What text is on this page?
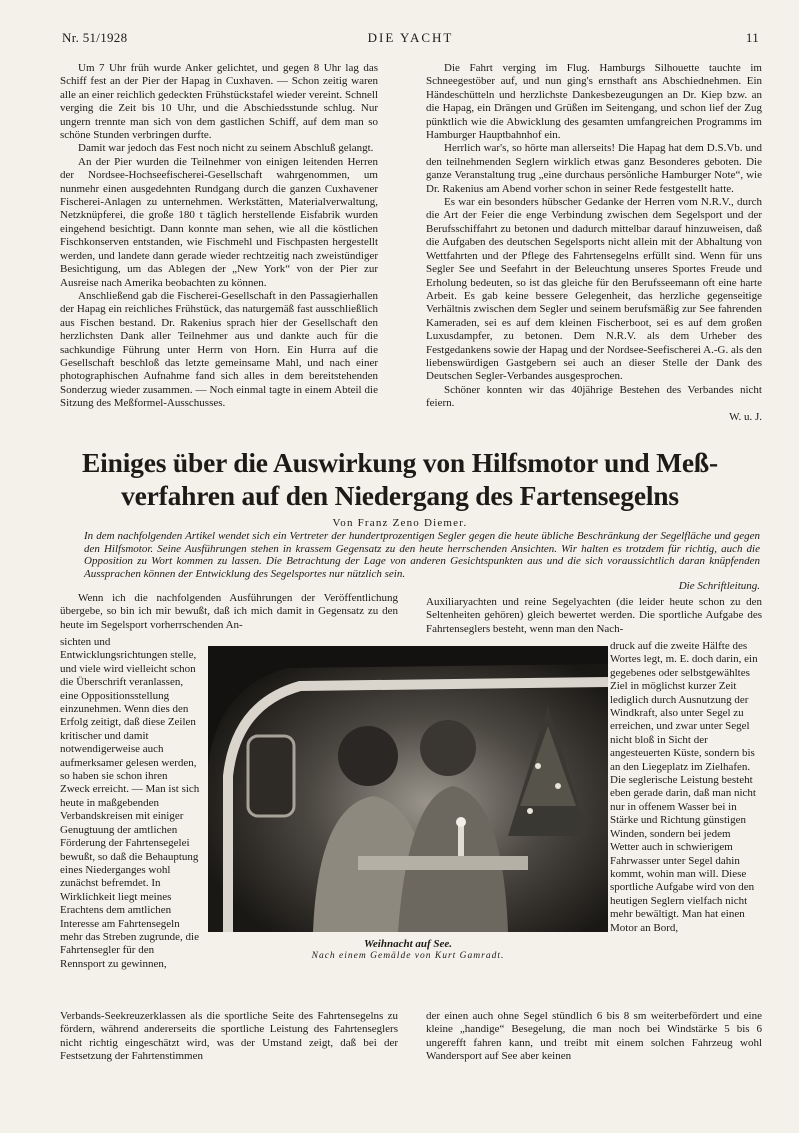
Nr. 51/1928	DIE YACHT	11

Um 7 Uhr früh wurde Anker gelichtet, und gegen 8 Uhr lag das Schiff fest an der Pier der Hapag in Cuxhaven. — Schon zeitig waren alle an einer reichlich gedeckten Frühstückstafel wieder vereint. Schnell verging die Zeit bis 10 Uhr, und die Abschiedsstunde schlug. Nur ungern trennte man sich von dem gastlichen Schiff, auf dem man so schöne Stunden verbringen durfte.

Damit war jedoch das Fest noch nicht zu seinem Abschluß gelangt.

An der Pier wurden die Teilnehmer von einigen leitenden Herren der Nordsee-Hochseefischerei-Gesellschaft wahrgenommen, um nunmehr einen ausgedehnten Rundgang durch die ganzen Cuxhavener Fischerei-Anlagen zu unternehmen. Werkstätten, Materialverwaltung, Netzknüpferei, die große 180 t täglich herstellende Eisfabrik wurden eingehend besichtigt. Dann konnte man sehen, wie all die köstlichen Fischkonserven entstanden, wie Fischmehl und Fischpasten hergestellt werden, und landete dann gerade wieder rechtzeitig nach zweistündiger Besichtigung, um das Ablegen der „New York“ von der Pier zur Ausreise nach Amerika beobachten zu können.

Anschließend gab die Fischerei-Gesellschaft in den Passagierhallen der Hapag ein reichliches Frühstück, das naturgemäß fast ausschließlich aus Fischen bestand. Dr. Rakenius sprach hier der Gesellschaft den herzlichsten Dank aller Teilnehmer aus und dankte auch für die sachkundige Führung unter Herrn von Horn. Ein Hurra auf die Gesellschaft beschloß das letzte gemeinsame Mahl, und nach einer photographischen Aufnahme fand sich alles in dem bereitstehenden Sonderzug wieder zusammen. — Noch einmal tagte in einem Abteil die Sitzung des Meßformel-Ausschusses.

Die Fahrt verging im Flug. Hamburgs Silhouette tauchte im Schneegestöber auf, und nun ging's ernsthaft ans Abschiednehmen. Ein Händeschütteln und herzlichste Dankesbezeugungen an Dr. Kiep bzw. an die Hapag, ein Drängen und Grüßen im Seitengang, und schon lief der Zug pünktlich wie die Abwicklung des gesamten umfangreichen Programms im Hamburger Hauptbahnhof ein.

Herrlich war's, so hörte man allerseits! Die Hapag hat dem D.S.Vb. und den teilnehmenden Seglern wirklich etwas ganz Besonderes geboten. Die ganze Veranstaltung trug „eine durchaus persönliche Hamburger Note“, wie Dr. Rakenius am Abend vorher schon in seiner Rede festgestellt hatte.

Es war ein besonders hübscher Gedanke der Herren vom N.R.V., durch die Art der Feier die enge Verbindung zwischen dem Segelsport und der Berufsschiffahrt zu betonen und dadurch mittelbar darauf hinzuweisen, daß die Aufgaben des deutschen Segelsports nicht allein mit der Abhaltung von Wettfahrten und der Pflege des Fahrtensegelns erfüllt sind. Wenn für uns Segler See und Seefahrt in der Beleuchtung unseres Sportes Freude und Erholung bedeuten, so ist das gleiche für den Berufsseemann oft eine harte Arbeit. Es gab keine bessere Gelegenheit, das herzliche gegenseitige Verhältnis zwischen dem Segler und seinem berufsmäßig zur See fahrenden Kameraden, sei es auf dem kleinen Fischerboot, sei es auf dem großen Luxusdampfer, zu betonen. Dem N.R.V. als dem Urheber des Festgedankens sowie der Hapag und der Nordsee-Seefischerei A.-G. als den liebenswürdigen Gastgebern sei auch an dieser Stelle der Dank des Deutschen Segler-Verbandes ausgesprochen.

Schöner konnten wir das 40jährige Bestehen des Verbandes nicht feiern.

W. u. J.

Einiges über die Auswirkung von Hilfsmotor und Meß-
verfahren auf den Niedergang des Fartensegelns
Von Franz Zeno Diemer.
In dem nachfolgenden Artikel wendet sich ein Vertreter der hundertprozentigen Segler gegen die heute übliche Beschränkung der Segelfläche und gegen den Hilfsmotor. Seine Ausführungen stehen in krassem Gegensatz zu den heute herrschenden Ansichten. Wir halten es trotzdem für richtig, auch die Opposition zu Wort kommen zu lassen. Die Betrachtung der Lage von anderen Gesichtspunkten aus und die sich voraussichtlich daran knüpfenden Aussprachen können der Entwicklung des Segelsportes nur nützlich sein.
Die Schriftleitung.

Wenn ich die nachfolgenden Ausführungen der Veröffentlichung übergebe, so bin ich mir bewußt, daß ich mich damit in Gegensatz zu den heute im Segelsport vorherrschenden An-

sichten und Entwicklungsrichtungen stelle, und viele wird vielleicht schon die Überschrift veranlassen, eine Oppositionsstellung einzunehmen. Wenn dies den Erfolg zeitigt, daß diese Zeilen kritischer und damit notwendigerweise auch aufmerksamer gelesen werden, so haben sie schon ihren Zweck erreicht. — Man ist sich heute in maßgebenden Verbandskreisen mit einiger Genugtuung der amtlichen Förderung der Fahrtensegelei bewußt, so daß die Behauptung eines Niederganges wohl zunächst befremdet. In Wirklichkeit liegt meines Erachtens dem amtlichen Interesse am Fahrtensegeln mehr das Streben zugrunde, die Fahrtensegler für den Rennsport zu gewinnen,

Verbands-Seekreuzerklassen als die sportliche Seite des Fahrtensegelns zu fördern, während andererseits die sportliche Leistung des Fahrtenseglers nicht richtig eingeschätzt wird, was der Umstand zeigt, daß bei der Festsetzung der Fahrtenstimmen

Auxiliaryachten und reine Segelyachten (die leider heute schon zu den Seltenheiten gehören) gleich bewertet werden. Die sportliche Aufgabe des Fahrtenseglers besteht, wenn man den Nach-

druck auf die zweite Hälfte des Wortes legt, m. E. doch darin, ein gegebenes oder selbstgewähltes Ziel in möglichst kurzer Zeit lediglich durch Ausnutzung der Windkraft, also unter Segel zu erreichen, und zwar unter Segel nicht bloß in Sicht der angesteuerten Küste, sondern bis an den Liegeplatz im Zielhafen. Die seglerische Leistung besteht eben gerade darin, daß man nicht nur in offenem Wasser bei in Stärke und Richtung günstigen Winden, sondern bei jedem Wetter auch in schwierigem Fahrwasser unter Segel dahin kommt, wohin man will. Diese sportliche Aufgabe wird von den heutigen Seglern vielfach nicht mehr bewältigt. Man hat einen Motor an Bord,

der einen auch ohne Segel stündlich 6 bis 8 sm weiterbefördert und eine kleine „handige“ Besegelung, die man noch bei Windstärke 5 bis 6 ungerefft fahren kann, und treibt mit einem solchen Fahrzeug wohl Wandersport auf See aber keinen

Weihnacht auf See.
Nach einem Gemälde von Kurt Gamradt.
